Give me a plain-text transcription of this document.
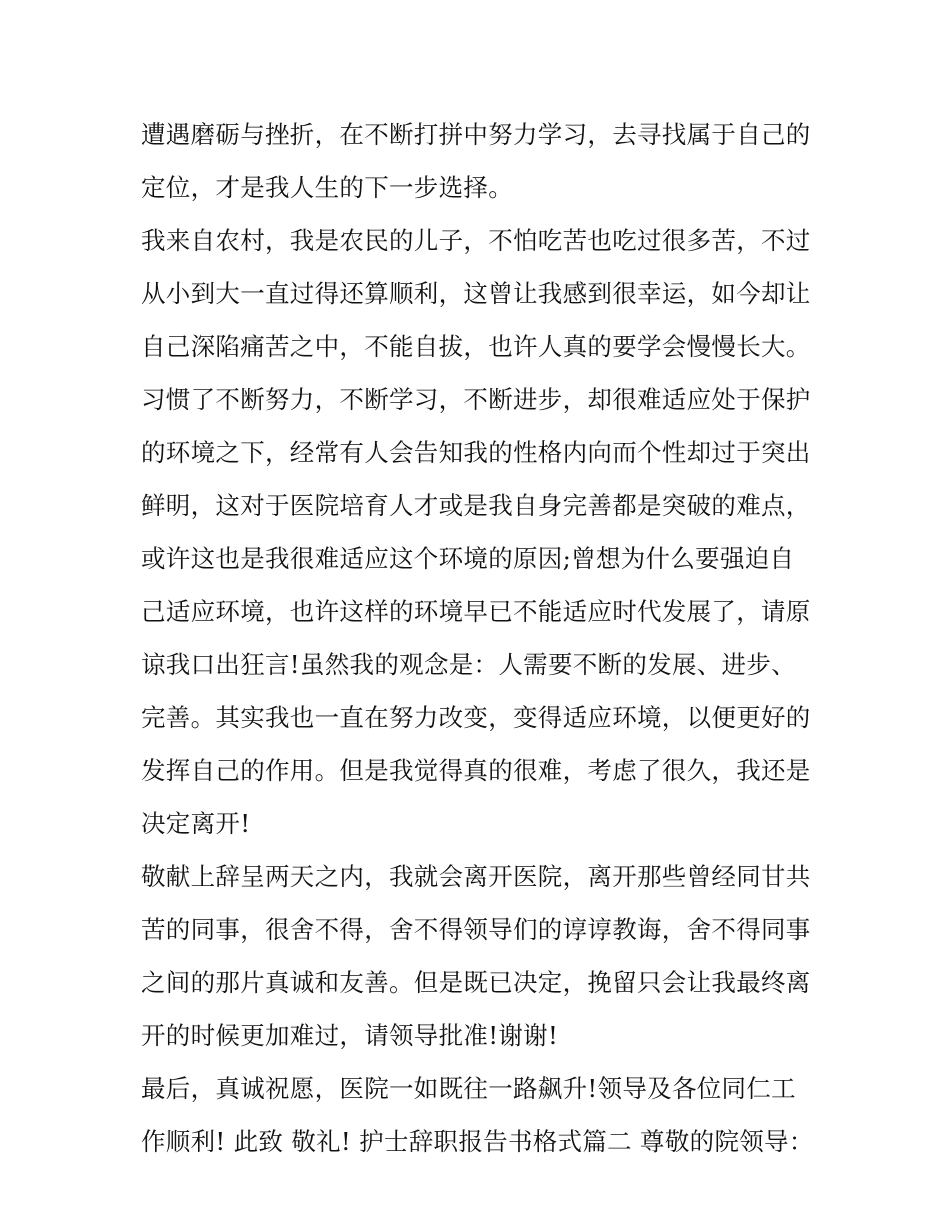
遭遇磨砺与挫折，在不断打拼中努力学习，去寻找属于自己的
定位，才是我人生的下一步选择。

我来自农村，我是农民的儿子，不怕吃苦也吃过很多苦，不过
从小到大一直过得还算顺利，这曾让我感到很幸运，如今却让
自己深陷痛苦之中，不能自拔，也许人真的要学会慢慢长大。
习惯了不断努力，不断学习，不断进步，却很难适应处于保护
的环境之下，经常有人会告知我的性格内向而个性却过于突出
鲜明，这对于医院培育人才或是我自身完善都是突破的难点，
或许这也是我很难适应这个环境的原因;曾想为什么要强迫自
己适应环境，也许这样的环境早已不能适应时代发展了，请原
谅我口出狂言!虽然我的观念是：人需要不断的发展、进步、
完善。其实我也一直在努力改变，变得适应环境，以便更好的
发挥自己的作用。但是我觉得真的很难，考虑了很久，我还是
决定离开!

敬献上辞呈两天之内，我就会离开医院，离开那些曾经同甘共
苦的同事，很舍不得，舍不得领导们的谆谆教诲，舍不得同事
之间的那片真诚和友善。但是既已决定，挽留只会让我最终离
开的时候更加难过，请领导批准!谢谢!

最后，真诚祝愿，医院一如既往一路飙升!领导及各位同仁工
作顺利! 此致 敬礼! 护士辞职报告书格式篇二 尊敬的院领导：
